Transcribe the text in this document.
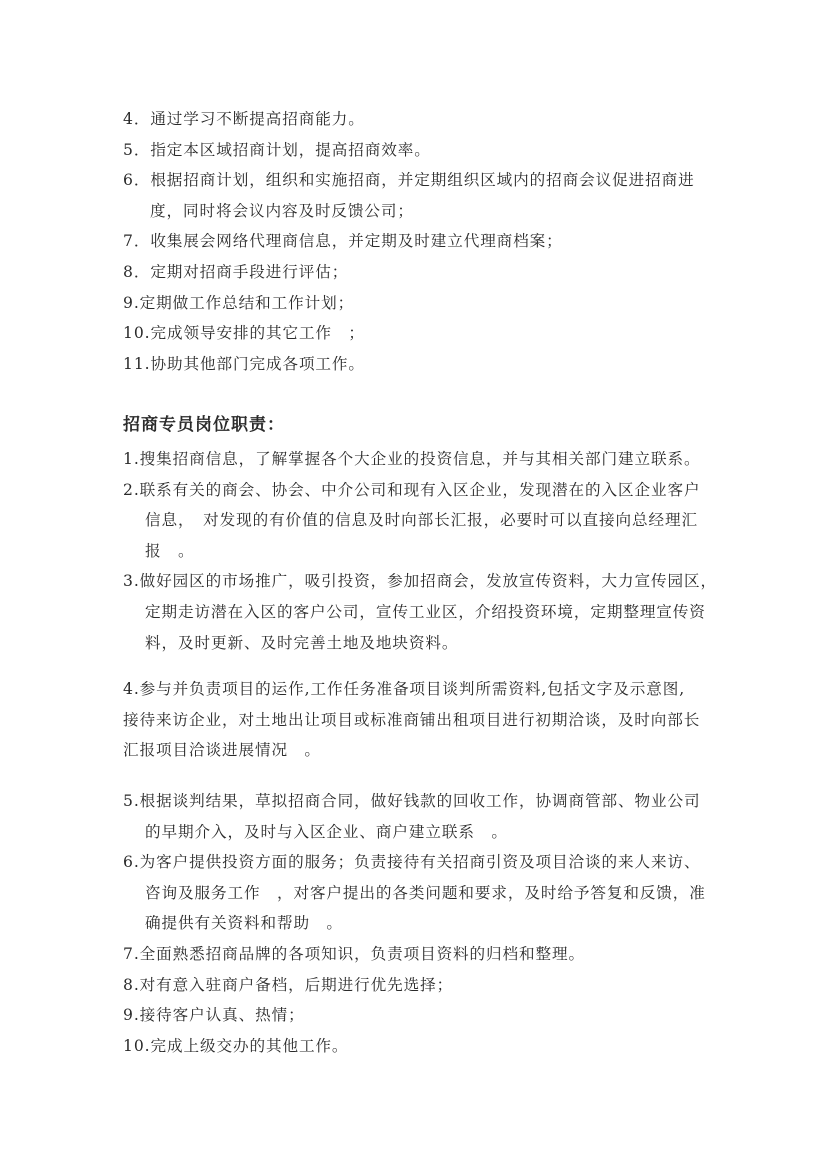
4．通过学习不断提高招商能力。
5．指定本区域招商计划，提高招商效率。
6．根据招商计划，组织和实施招商，并定期组织区域内的招商会议促进招商进
度，同时将会议内容及时反馈公司；
7．收集展会网络代理商信息，并定期及时建立代理商档案；
8．定期对招商手段进行评估；
9.定期做工作总结和工作计划；
10.完成领导安排的其它工作　；
11.协助其他部门完成各项工作。
招商专员岗位职责：
1.搜集招商信息，了解掌握各个大企业的投资信息，并与其相关部门建立联系。
2.联系有关的商会、协会、中介公司和现有入区企业，发现潜在的入区企业客户
信息，　对发现的有价值的信息及时向部长汇报，必要时可以直接向总经理汇
报　。
3.做好园区的市场推广，吸引投资，参加招商会，发放宣传资料，大力宣传园区，
定期走访潜在入区的客户公司，宣传工业区，介绍投资环境，定期整理宣传资
料，及时更新、及时完善土地及地块资料。
4.参与并负责项目的运作,工作任务准备项目谈判所需资料,包括文字及示意图,
接待来访企业，对土地出让项目或标准商铺出租项目进行初期洽谈，及时向部长
汇报项目洽谈进展情况　。
5.根据谈判结果，草拟招商合同，做好钱款的回收工作，协调商管部、物业公司
的早期介入，及时与入区企业、商户建立联系　。
6.为客户提供投资方面的服务；负责接待有关招商引资及项目洽谈的来人来访、
咨询及服务工作　，对客户提出的各类问题和要求，及时给予答复和反馈，准
确提供有关资料和帮助　。
7.全面熟悉招商品牌的各项知识，负责项目资料的归档和整理。
8.对有意入驻商户备档，后期进行优先选择；
9.接待客户认真、热情；
10.完成上级交办的其他工作。
